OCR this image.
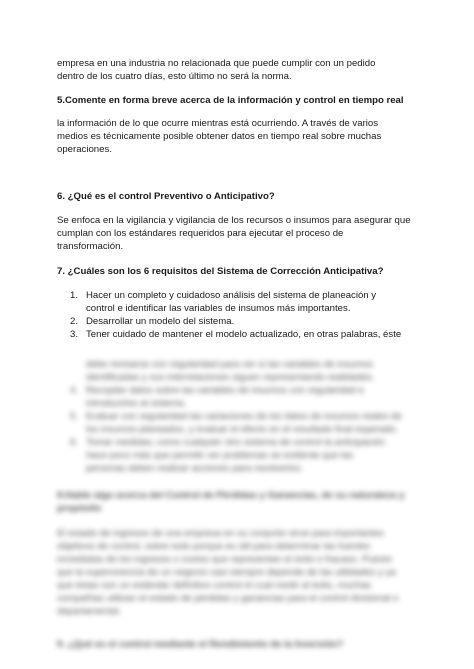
empresa en una industria no relacionada que puede cumplir con un pedido

dentro de los cuatro días, esto último no será la norma.

5.Comente en forma breve acerca de la información y control en tiempo real

la información de lo que ocurre mientras está ocurriendo. A través de varios

medios es técnicamente posible obtener datos en tiempo real sobre muchas

operaciones.

6. ¿Qué es el control Preventivo o Anticipativo?

Se enfoca en la vigilancia y vigilancia de los recursos o insumos para asegurar que

cumplan con los estándares requeridos para ejecutar el proceso de

transformación.

7. ¿Cuáles son los 6 requisitos del Sistema de Corrección Anticipativa?

1. Hacer un completo y cuidadoso análisis del sistema de planeación y
control e identificar las variables de insumos más importantes.
2. Desarrollar un modelo del sistema.
3. Tener cuidado de mantener el modelo actualizado, en otras palabras, éste
debe revisarse con regularidad para ver si las variables de insumos
identificadas y sus interrelaciones siguen representando realidades.
4. Recopilar datos sobre las variables de insumos con regularidad e
introducirlos al sistema.
5. Evaluar con regularidad las variaciones de los datos de insumos reales de
los insumos planeados, y evaluar el efecto en el resultado final esperado.
6. Tomar medidas; como cualquier otro sistema de control la anticipación
hace poco más que permitir ver problemas se evidente que las
personas deben realizar acciones para resolverlos.

8.Hable algo acerca del Control de Pérdidas y Ganancias, de su naturaleza y propósito

El estado de ingresos de una empresa en su conjunto sirve para importantes

objetivos de control, sobre todo porque es útil para determinar las fuentes

inmediatas de los ingresos o costos que representan el éxito o fracaso. Puesto

que la supervivencia de un negocio casi siempre depende de las utilidades y ya

que éstas son un estándar definitivo control el cual medir al éxito, muchas

compañías utilizan el estado de pérdidas y ganancias para el control divisional o

departamental.

9. ¿Qué es el control mediante el Rendimiento de la Inversión?
